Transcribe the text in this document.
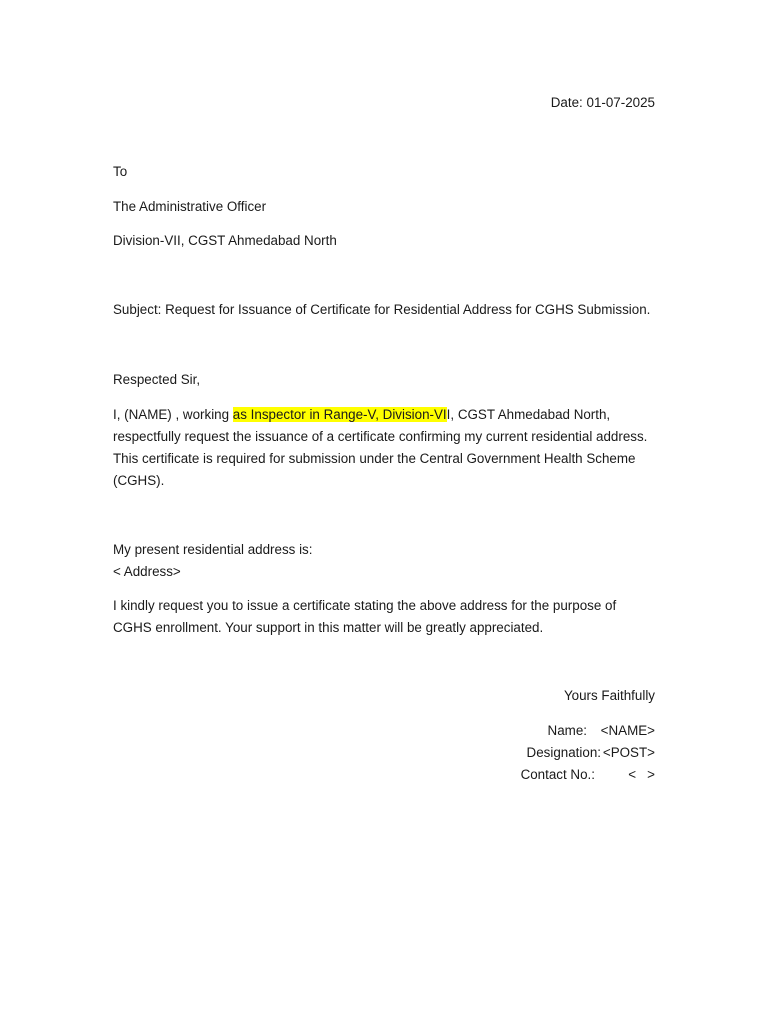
Date: 01-07-2025
To
The Administrative Officer
Division-VII, CGST Ahmedabad North
Subject: Request for Issuance of Certificate for Residential Address for CGHS Submission.
Respected Sir,
I, (NAME) , working as Inspector in Range-V, Division-VII, CGST Ahmedabad North, respectfully request the issuance of a certificate confirming my current residential address. This certificate is required for submission under the Central Government Health Scheme (CGHS).
My present residential address is:
< Address>
I kindly request you to issue a certificate stating the above address for the purpose of CGHS enrollment. Your support in this matter will be greatly appreciated.
Yours Faithfully
Name: <NAME>
Designation: <POST>
Contact No.: <   >
